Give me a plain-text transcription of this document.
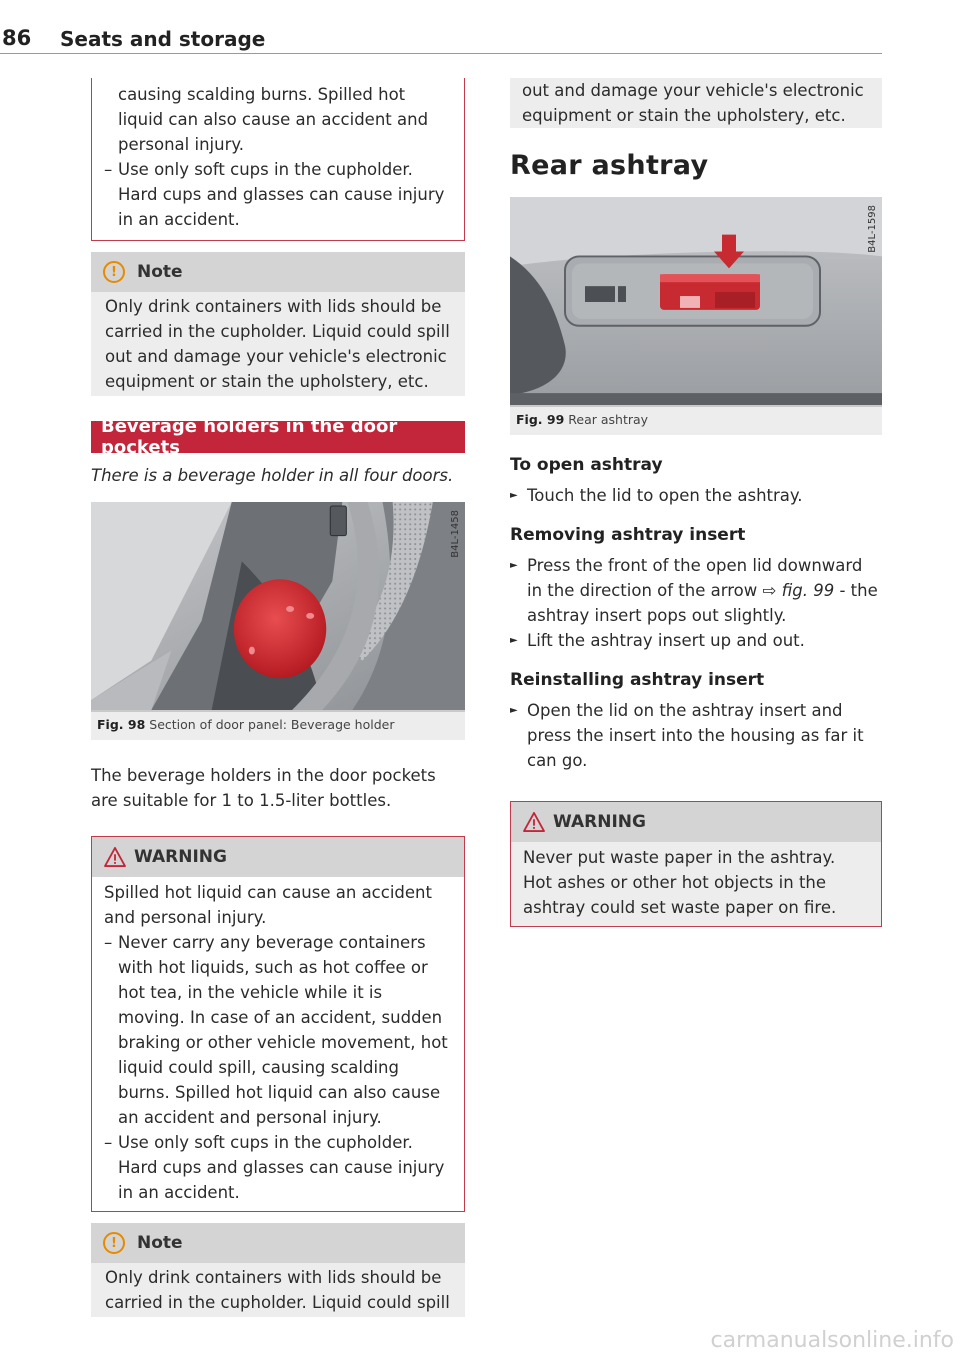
86 Seats and storage
causing scalding burns. Spilled hot liquid can also cause an accident and personal injury.
– Use only soft cups in the cupholder. Hard cups and glasses can cause injury in an accident.
!	Note
Only drink containers with lids should be carried in the cupholder. Liquid could spill out and damage your vehicle's electronic equipment or stain the upholstery, etc.
Beverage holders in the door pockets
There is a beverage holder in all four doors.
B4L-1458
Fig. 98 Section of door panel: Beverage holder
The beverage holders in the door pockets are suitable for 1 to 1.5-liter bottles.
WARNING
Spilled hot liquid can cause an accident and personal injury.
– Never carry any beverage containers with hot liquids, such as hot coffee or hot tea, in the vehicle while it is moving. In case of an accident, sudden braking or other vehicle movement, hot liquid could spill, causing scalding burns. Spilled hot liquid can also cause an accident and personal injury.
– Use only soft cups in the cupholder. Hard cups and glasses can cause injury in an accident.
!	Note
Only drink containers with lids should be carried in the cupholder. Liquid could spill
out and damage your vehicle's electronic equipment or stain the upholstery, etc.
Rear ashtray
B4L-1598
Fig. 99 Rear ashtray
To open ashtray
► Touch the lid to open the ashtray.
Removing ashtray insert
► Press the front of the open lid downward in the direction of the arrow ⇨ fig. 99 - the ashtray insert pops out slightly.
► Lift the ashtray insert up and out.
Reinstalling ashtray insert
► Open the lid on the ashtray insert and press the insert into the housing as far it can go.
WARNING
Never put waste paper in the ashtray. Hot ashes or other hot objects in the ashtray could set waste paper on fire.
carmanualsonline.info
